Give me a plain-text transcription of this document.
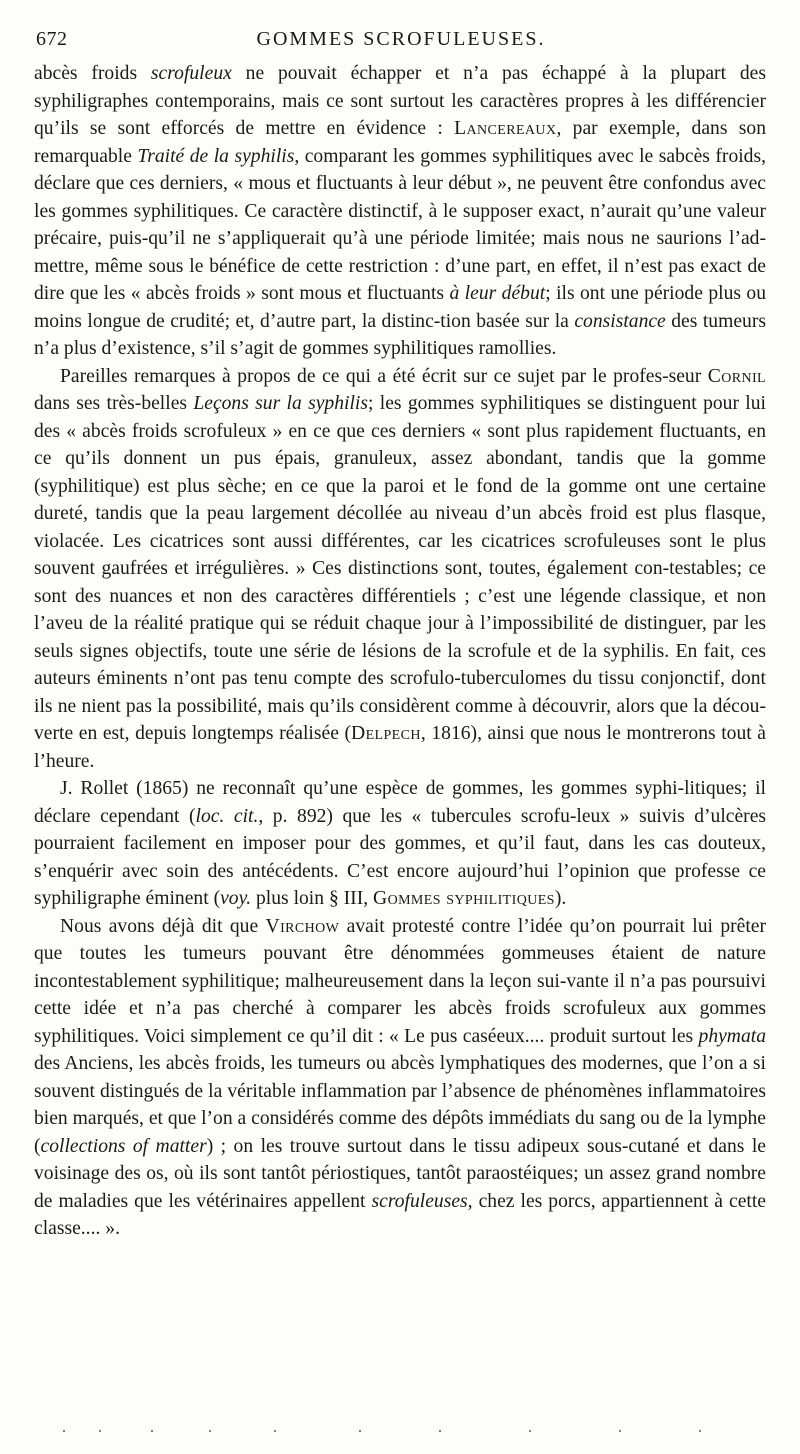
672	GOMMES SCROFULEUSES.

abcès froids scrofuleux ne pouvait échapper et n’a pas échappé à la plupart des syphiligraphes contemporains, mais ce sont surtout les caractères propres à les différencier qu’ils se sont efforcés de mettre en évidence : Lancereaux, par exemple, dans son remarquable Traité de la syphilis, comparant les gommes syphilitiques avec le sabcès froids, déclare que ces derniers, « mous et fluctuants à leur début », ne peuvent être confondus avec les gommes syphilitiques. Ce caractère distinctif, à le supposer exact, n’aurait qu’une valeur précaire, puis-qu’il ne s’appliquerait qu’à une période limitée; mais nous ne saurions l’ad-mettre, même sous le bénéfice de cette restriction : d’une part, en effet, il n’est pas exact de dire que les « abcès froids » sont mous et fluctuants à leur début; ils ont une période plus ou moins longue de crudité; et, d’autre part, la distinc-tion basée sur la consistance des tumeurs n’a plus d’existence, s’il s’agit de gommes syphilitiques ramollies.

Pareilles remarques à propos de ce qui a été écrit sur ce sujet par le profes-seur Cornil dans ses très-belles Leçons sur la syphilis; les gommes syphilitiques se distinguent pour lui des « abcès froids scrofuleux » en ce que ces derniers « sont plus rapidement fluctuants, en ce qu’ils donnent un pus épais, granuleux, assez abondant, tandis que la gomme (syphilitique) est plus sèche; en ce que la paroi et le fond de la gomme ont une certaine dureté, tandis que la peau largement décollée au niveau d’un abcès froid est plus flasque, violacée. Les cicatrices sont aussi différentes, car les cicatrices scrofuleuses sont le plus souvent gaufrées et irrégulières. » Ces distinctions sont, toutes, également con-testables; ce sont des nuances et non des caractères différentiels ; c’est une légende classique, et non l’aveu de la réalité pratique qui se réduit chaque jour à l’impossibilité de distinguer, par les seuls signes objectifs, toute une série de lésions de la scrofule et de la syphilis. En fait, ces auteurs éminents n’ont pas tenu compte des scrofulo-tuberculomes du tissu conjonctif, dont ils ne nient pas la possibilité, mais qu’ils considèrent comme à découvrir, alors que la décou-verte en est, depuis longtemps réalisée (Delpech, 1816), ainsi que nous le montrerons tout à l’heure.

J. Rollet (1865) ne reconnaît qu’une espèce de gommes, les gommes syphi-litiques; il déclare cependant (loc. cit., p. 892) que les « tubercules scrofu-leux » suivis d’ulcères pourraient facilement en imposer pour des gommes, et qu’il faut, dans les cas douteux, s’enquérir avec soin des antécédents. C’est encore aujourd’hui l’opinion que professe ce syphiligraphe éminent (voy. plus loin § III, Gommes syphilitiques).

Nous avons déjà dit que Virchow avait protesté contre l’idée qu’on pourrait lui prêter que toutes les tumeurs pouvant être dénommées gommeuses étaient de nature incontestablement syphilitique; malheureusement dans la leçon sui-vante il n’a pas poursuivi cette idée et n’a pas cherché à comparer les abcès froids scrofuleux aux gommes syphilitiques. Voici simplement ce qu’il dit : « Le pus caséeux.... produit surtout les phymata des Anciens, les abcès froids, les tumeurs ou abcès lymphatiques des modernes, que l’on a si souvent distingués de la véritable inflammation par l’absence de phénomènes inflammatoires bien marqués, et que l’on a considérés comme des dépôts immédiats du sang ou de la lymphe (collections of matter) ; on les trouve surtout dans le tissu adipeux sous-cutané et dans le voisinage des os, où ils sont tantôt périostiques, tantôt paraostéiques; un assez grand nombre de maladies que les vétérinaires appellent scrofuleuses, chez les porcs, appartiennent à cette classe.... ».
